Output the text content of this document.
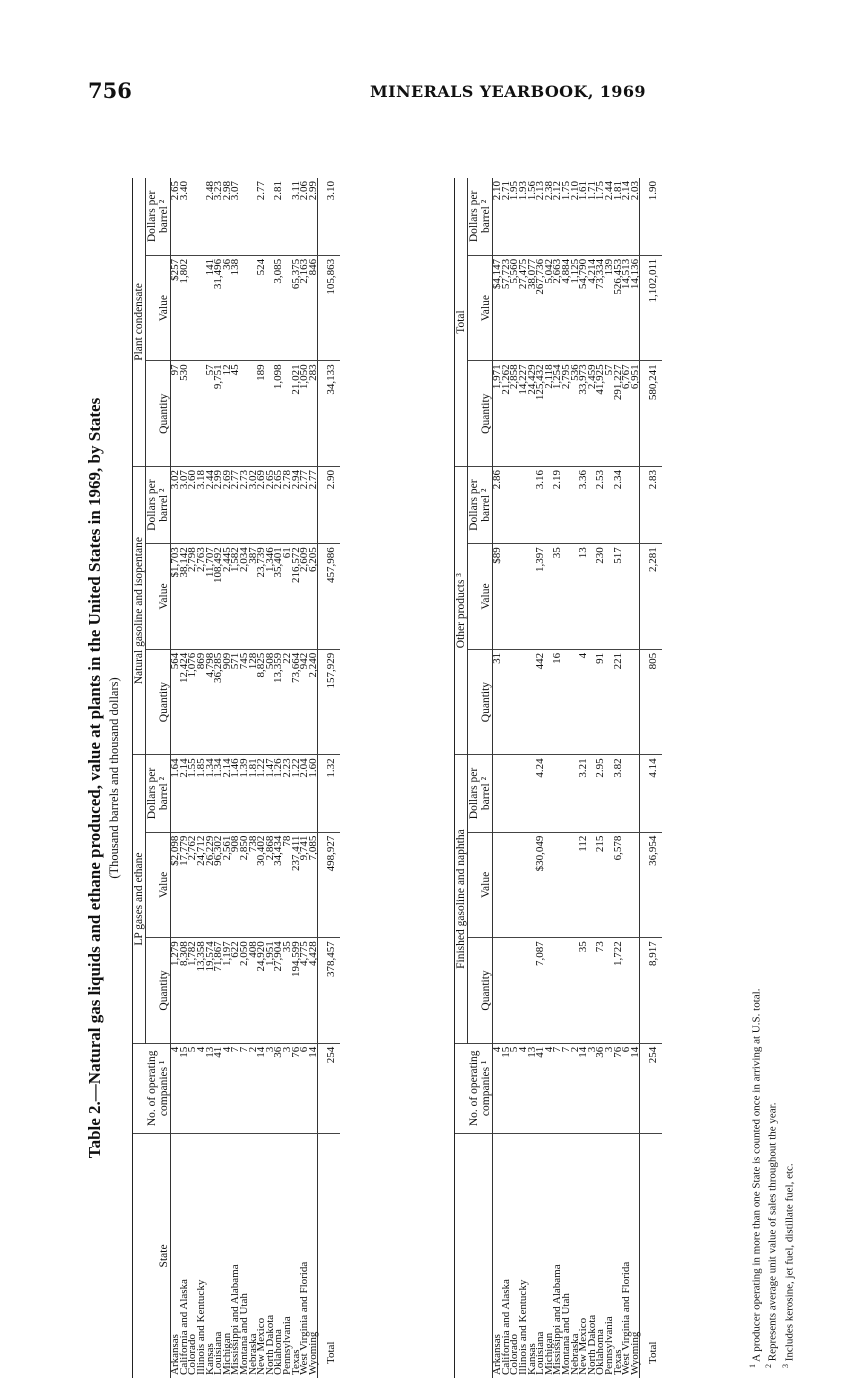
756	MINERALS YEARBOOK, 1969
Table 2.—Natural gas liquids and ethane produced, value at plants in the United States in 1969, by States (Thousand barrels and thousand dollars)
State	No. of operating companies ¹	LP gases and ethane			Natural gasoline and isopentane			Plant condensate		
		Quantity	Value	Dollars per barrel ²	Quantity	Value	Dollars per barrel ²	Quantity	Value	Dollars per barrel ²
Arkansas	4	1,279	$2,098	1.64	564	$1,703	3.02	97	$257	2.65
California and Alaska	15	8,308	17,779	2.14	12,424	38,142	3.07	530	1,802	3.40
Colorado	5	1,782	2,762	1.55	1,076	2,798	2.60			
Illinois and Kentucky	4	13,358	24,712	1.85	869	2,763	3.18			
Kansas	13	19,574	26,229	1.34	4,798	11,707	2.44	57	141	2.48
Louisiana	41	71,867	96,302	1.34	36,285	108,492	2.99	9,751	31,496	3.23
Michigan	4	1,197	2,561	2.14	909	2,445	2.69	12	36	2.98
Mississippi and Alabama	7	622	908	1.46	571	1,582	2.77	45	138	3.07
Montana and Utah	7	2,050	2,850	1.39	745	2,034	2.73			
Nebraska	2	408	738	1.81	128	387	3.02			
New Mexico	14	24,920	30,402	1.22	8,825	23,739	2.69	189	524	2.77
North Dakota	3	1,951	2,868	1.47	508	1,346	2.65			
Oklahoma	36	27,904	34,434	1.26	13,359	35,401	2.65	1,098	3,085	2.81
Pennsylvania	3	35	78	2.23	22	61	2.78			
Texas	76	194,599	237,411	1.22	73,664	216,572	2.94	21,021	65,375	3.11
West Virginia and Florida	6	4,775	9,741	2.04	942	2,609	2.77	1,050	2,163	2.06
Wyoming	14	4,428	7,085	1.60	2,240	6,205	2.77	283	846	2.99
Total	254	378,457	498,927	1.32	157,929	457,986	2.90	34,133	105,863	3.10
	No. of operating companies ¹	Finished gasoline and naphtha			Other products ³			Total		
		Quantity	Value	Dollars per barrel ²	Quantity	Value	Dollars per barrel ²	Quantity	Value	Dollars per barrel ²
Arkansas	4				31	$89	2.86	1,971	$4,147	2.10
California and Alaska	15							21,262	57,723	2.71
Colorado	5							2,858	5,560	1.95
Illinois and Kentucky	4							14,227	27,475	1.93
Kansas	13							24,429	38,077	1.56
Louisiana	41	7,087	$30,049	4.24	442	1,397	3.16	125,432	267,736	2.13
Michigan	4							2,118	5,042	2.38
Mississippi and Alabama	7				16	35	2.19	1,254	2,663	2.12
Montana and Utah	7							2,795	4,884	1.75
Nebraska	2							536	1,125	2.10
New Mexico	14	35	112	3.21	4	13	3.36	33,973	54,790	1.61
North Dakota	3							2,459	4,214	1.71
Oklahoma	36	73	215	2.95	91	230	2.53	41,925	73,334	1.75
Pennsylvania	3							57	139	2.44
Texas	76	1,722	6,578	3.82	221	517	2.34	291,227	526,453	1.81
West Virginia and Florida	6							6,767	14,513	2.14
Wyoming	14							6,951	14,136	2.03
Total	254	8,917	36,954	4.14	805	2,281	2.83	580,241	1,102,011	1.90
$^1$ A producer operating in more than one State is counted once in arriving at U.S. total.
$^2$ Represents average unit value of sales throughout the year.
$^3$ Includes kerosine, jet fuel, distillate fuel, etc.
